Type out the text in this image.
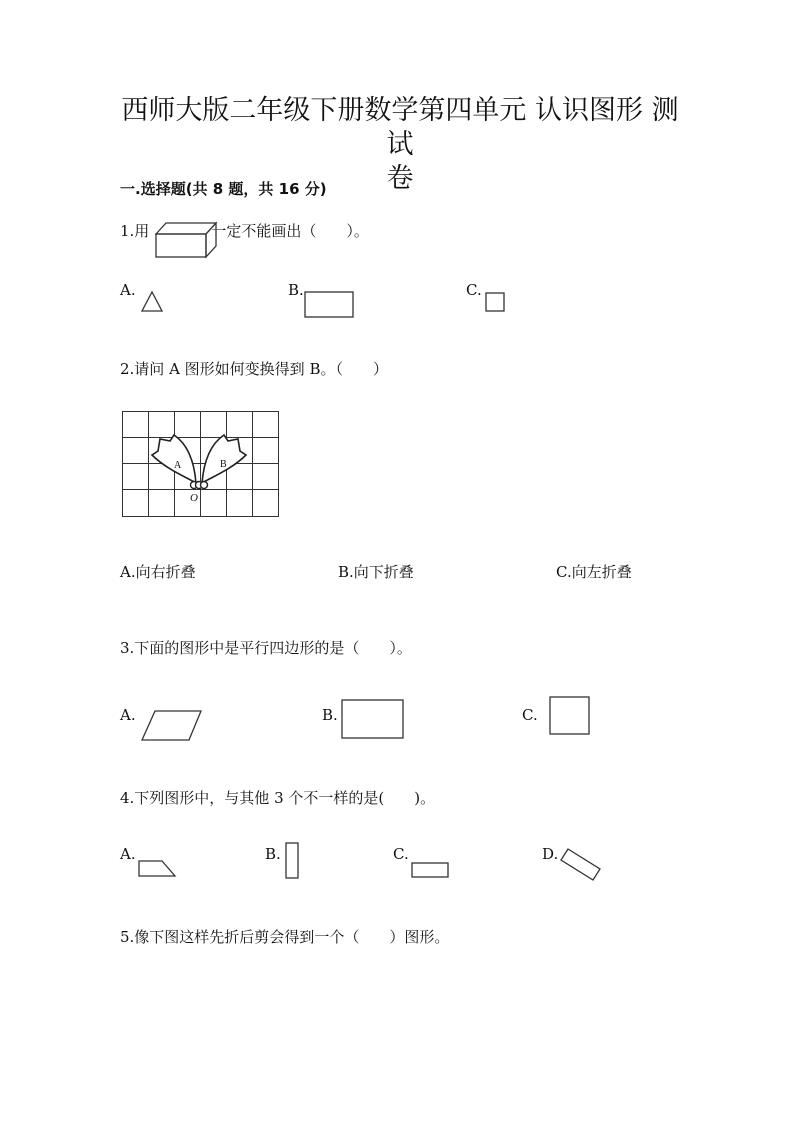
西师大版二年级下册数学第四单元 认识图形 测试
卷
一.选择题(共 8 题，共 16 分)
1.用	一定不能画出（　　）。
A.	B.	C.
2.请问 A 图形如何变换得到 B。（　　）
A	B
O
A.向右折叠	B.向下折叠	C.向左折叠
3.下面的图形中是平行四边形的是（　　）。
A.	B.	C.
4.下列图形中，与其他 3 个不一样的是(　　)。
A.	B.	C.	D.
5.像下图这样先折后剪会得到一个（　　）图形。
